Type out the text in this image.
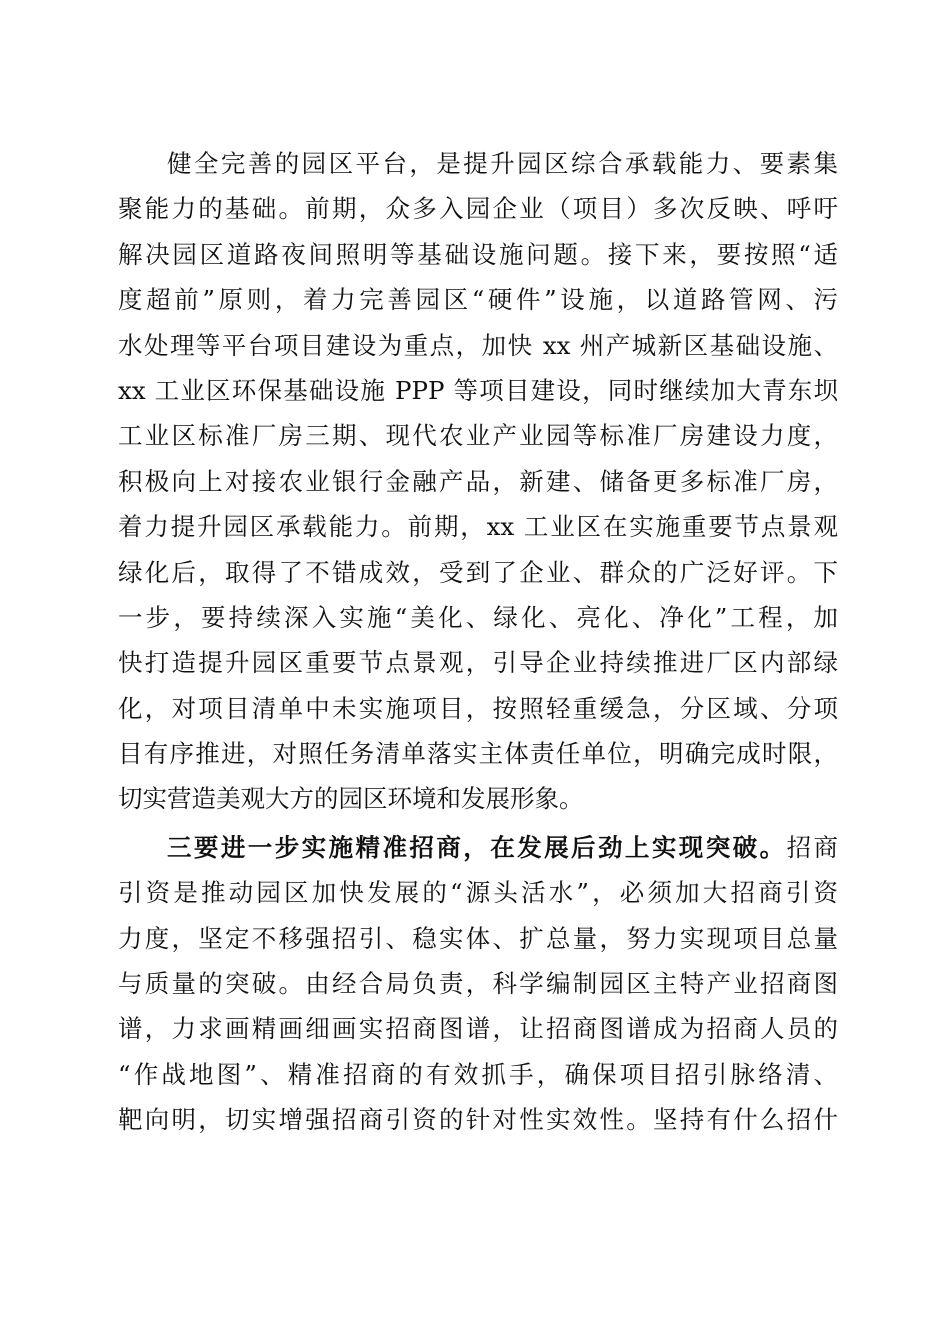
健全完善的园区平台，是提升园区综合承载能力、要素集
聚能力的基础。前期，众多入园企业（项目）多次反映、呼吁
解决园区道路夜间照明等基础设施问题。接下来，要按照“适
度超前”原则，着力完善园区“硬件”设施，以道路管网、污
水处理等平台项目建设为重点，加快 xx 州产城新区基础设施、
xx 工业区环保基础设施 PPP 等项目建设，同时继续加大青东坝
工业区标准厂房三期、现代农业产业园等标准厂房建设力度，
积极向上对接农业银行金融产品，新建、储备更多标准厂房，
着力提升园区承载能力。前期，xx 工业区在实施重要节点景观
绿化后，取得了不错成效，受到了企业、群众的广泛好评。下
一步，要持续深入实施“美化、绿化、亮化、净化”工程，加
快打造提升园区重要节点景观，引导企业持续推进厂区内部绿
化，对项目清单中未实施项目，按照轻重缓急，分区域、分项
目有序推进，对照任务清单落实主体责任单位，明确完成时限，
切实营造美观大方的园区环境和发展形象。
三要进一步实施精准招商，在发展后劲上实现突破。招商
引资是推动园区加快发展的“源头活水”，必须加大招商引资
力度，坚定不移强招引、稳实体、扩总量，努力实现项目总量
与质量的突破。由经合局负责，科学编制园区主特产业招商图
谱，力求画精画细画实招商图谱，让招商图谱成为招商人员的
“作战地图”、精准招商的有效抓手，确保项目招引脉络清、
靶向明，切实增强招商引资的针对性实效性。坚持有什么招什
